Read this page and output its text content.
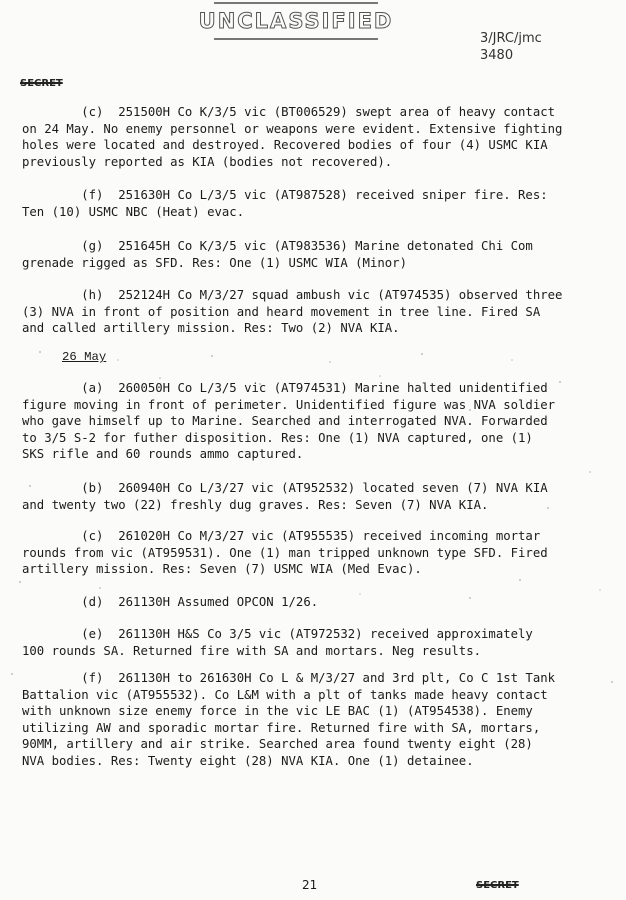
UNCLASSIFIED
3/JRC/jmc
3480
SECRET
(c)  251500H Co K/3/5 vic (BT006529) swept area of heavy contact
on 24 May. No enemy personnel or weapons were evident. Extensive fighting
holes were located and destroyed. Recovered bodies of four (4) USMC KIA
previously reported as KIA (bodies not recovered).
(f)  251630H Co L/3/5 vic (AT987528) received sniper fire. Res:
Ten (10) USMC NBC (Heat) evac.
(g)  251645H Co K/3/5 vic (AT983536) Marine detonated Chi Com
grenade rigged as SFD. Res: One (1) USMC WIA (Minor)
(h)  252124H Co M/3/27 squad ambush vic (AT974535) observed three
(3) NVA in front of position and heard movement in tree line. Fired SA
and called artillery mission. Res: Two (2) NVA KIA.
26 May
(a)  260050H Co L/3/5 vic (AT974531) Marine halted unidentified
figure moving in front of perimeter. Unidentified figure was NVA soldier
who gave himself up to Marine. Searched and interrogated NVA. Forwarded
to 3/5 S-2 for futher disposition. Res: One (1) NVA captured, one (1)
SKS rifle and 60 rounds ammo captured.
(b)  260940H Co L/3/27 vic (AT952532) located seven (7) NVA KIA
and twenty two (22) freshly dug graves. Res: Seven (7) NVA KIA.
(c)  261020H Co M/3/27 vic (AT955535) received incoming mortar
rounds from vic (AT959531). One (1) man tripped unknown type SFD. Fired
artillery mission. Res: Seven (7) USMC WIA (Med Evac).
(d)  261130H Assumed OPCON 1/26.
(e)  261130H H&S Co 3/5 vic (AT972532) received approximately
100 rounds SA. Returned fire with SA and mortars. Neg results.
(f)  261130H to 261630H Co L & M/3/27 and 3rd plt, Co C 1st Tank
Battalion vic (AT955532). Co L&M with a plt of tanks made heavy contact
with unknown size enemy force in the vic LE BAC (1) (AT954538). Enemy
utilizing AW and sporadic mortar fire. Returned fire with SA, mortars,
90MM, artillery and air strike. Searched area found twenty eight (28)
NVA bodies. Res: Twenty eight (28) NVA KIA. One (1) detainee.
21	SECRET
